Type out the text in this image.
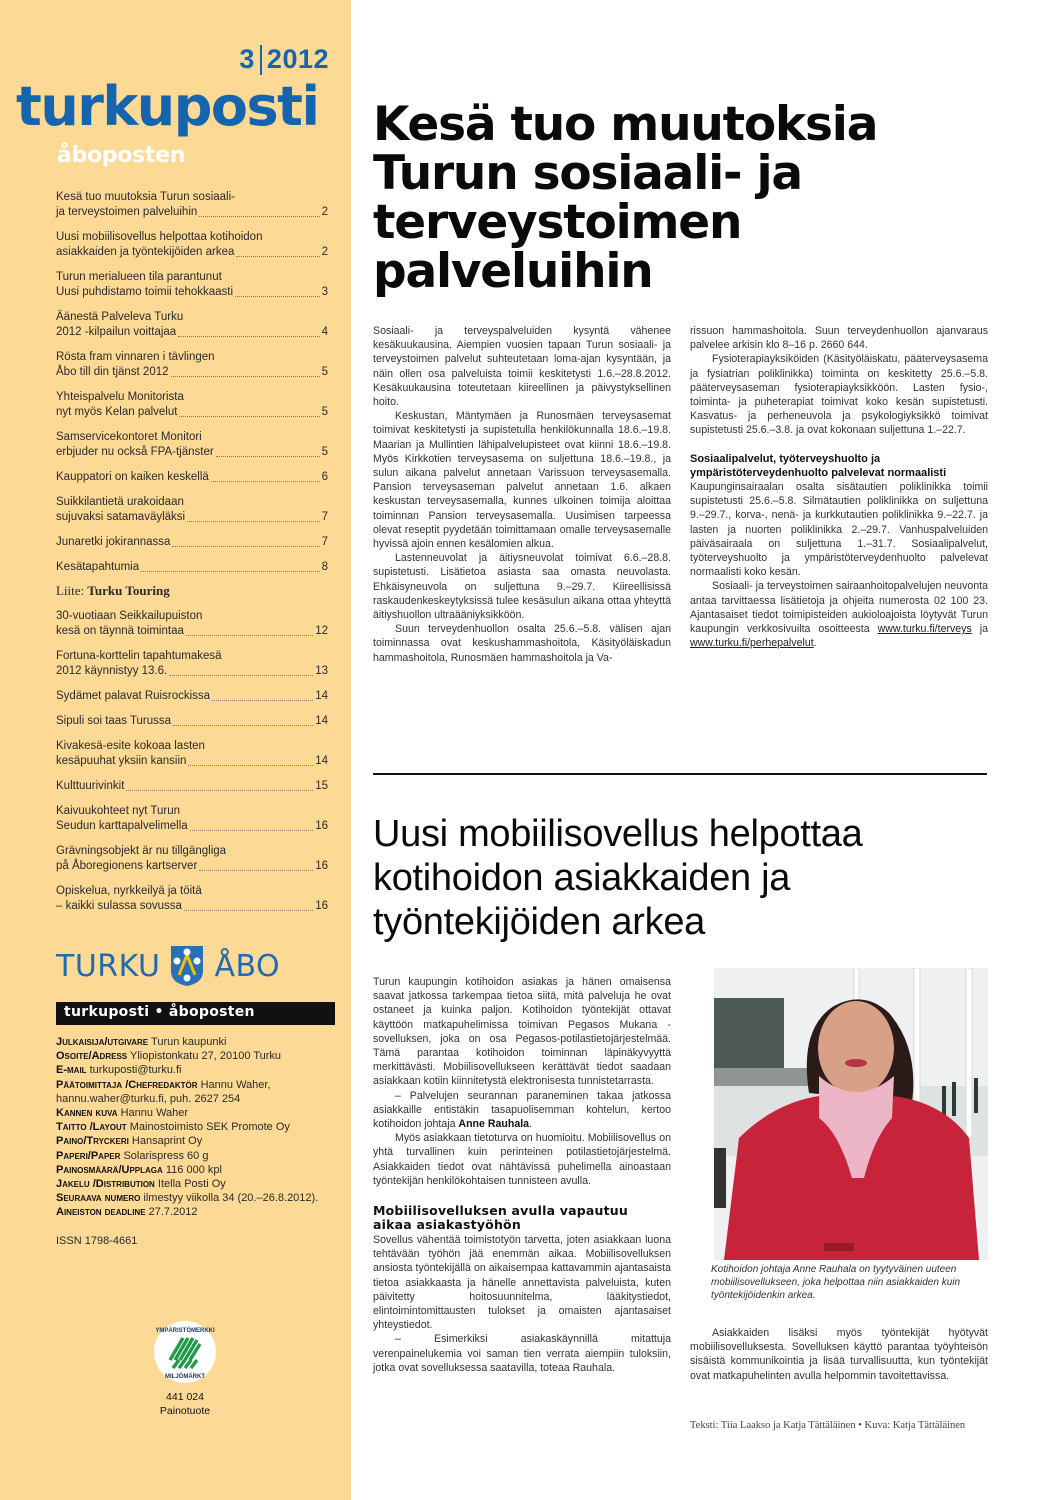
3 2012
turkuposti
åboposten
Kesä tuo muutoksia Turun sosiaali-
ja terveystoimen palveluihin	2
Uusi mobiilisovellus helpottaa kotihoidon
asiakkaiden ja työntekijöiden arkea	2
Turun merialueen tila parantunut
Uusi puhdistamo toimii tehokkaasti	3
Äänestä Palveleva Turku
2012 -kilpailun voittajaa	4
Rösta fram vinnaren i tävlingen
Åbo till din tjänst 2012	5
Yhteispalvelu Monitorista
nyt myös Kelan palvelut	5
Samservicekontoret Monitori
erbjuder nu också FPA-tjänster	5
Kauppatori on kaiken keskellä	6
Suikkilantietä urakoidaan
sujuvaksi satamaväyläksi	7
Junaretki jokirannassa	7
Kesätapahtumia	8
Liite: Turku Touring
30-vuotiaan Seikkailupuiston
kesä on täynnä toimintaa	12
Fortuna-korttelin tapahtumakesä
2012 käynnistyy 13.6.	13
Sydämet palavat Ruisrockissa	14
Sipuli soi taas Turussa	14
Kivakesä-esite kokoaa lasten
kesäpuuhat yksiin kansiin	14
Kulttuurivinkit	15
Kaivuukohteet nyt Turun
Seudun karttapalvelimella	16
Grävningsobjekt är nu tillgängliga
på Åboregionens kartserver	16
Opiskelua, nyrkkeilyä ja töitä
– kaikki sulassa sovussa	16
TURKU ÅBO
turkuposti • åboposten
Julkaisija/utgivare Turun kaupunki
Osoite/Adress Yliopistonkatu 27, 20100 Turku
E-mail turkuposti@turku.fi
Päätoimittaja /Chefredaktör Hannu Waher, hannu.waher@turku.fi, puh. 2627 254
Kannen kuva Hannu Waher
Taitto /Layout Mainostoimisto SEK Promote Oy
Paino/Tryckeri Hansaprint Oy
Paperi/Paper Solarispress 60 g
Painosmäärä/Upplaga 116 000 kpl
Jakelu /Distribution Itella Posti Oy
Seuraava numero ilmestyy viikolla 34 (20.–26.8.2012).
Aineiston deadline 27.7.2012
ISSN 1798-4661
YMPÄRISTÖMERKKI
MILJÖMÄRKT
441 024
Painotuote
Kesä tuo muutoksia Turun sosiaali- ja terveystoimen palveluihin

Sosiaali- ja terveyspalveluiden kysyntä vähenee kesäkuukausina. Aiempien vuosien tapaan Turun sosiaali- ja terveystoimen palvelut suhteutetaan loma-ajan kysyntään, ja näin ollen osa palveluista toimii keskitetysti 1.6.–28.8.2012. Kesäkuukausina toteutetaan kiireellinen ja päivystyksellinen hoito.

Keskustan, Mäntymäen ja Runosmäen terveysasemat toimivat keskitetysti ja supistetulla henkilökunnalla 18.6.–19.8. Maarian ja Mullintien lähipalvelupisteet ovat kiinni 18.6.–19.8. Myös Kirkkotien terveysasema on suljettuna 18.6.–19.8., ja sulun aikana palvelut annetaan Varissuon terveysasemalla. Pansion terveysaseman palvelut annetaan 1.6. alkaen keskustan terveysasemalla, kunnes ulkoinen toimija aloittaa toiminnan Pansion terveysasemalla. Uusimisen tarpeessa olevat reseptit pyydetään toimittamaan omalle terveysasemalle hyvissä ajoin ennen kesälomien alkua.

Lastenneuvolat ja äitiysneuvolat toimivat 6.6.–28.8. supistetusti. Lisätietoa asiasta saa omasta neuvolasta. Ehkäisyneuvola on suljettuna 9.–29.7. Kiireellisissä raskaudenkeskeytyksissä tulee kesäsulun aikana ottaa yhteyttä äitiyshuollon ultraääniyksikköön.

Suun terveydenhuollon osalta 25.6.–5.8. välisen ajan toiminnassa ovat keskushammashoitola, Käsityöläiskadun hammashoitola, Runosmäen hammashoitola ja Va-

rissuon hammashoitola. Suun terveydenhuollon ajanvaraus palvelee arkisin klo 8–16 p. 2660 644.

Fysioterapiayksiköiden (Käsityöläiskatu, pääterveysasema ja fysiatrian poliklinikka) toiminta on keskitetty 25.6.–5.8. pääterveysaseman fysioterapiayksikköön. Lasten fysio-, toiminta- ja puheterapiat toimivat koko kesän supistetusti. Kasvatus- ja perheneuvola ja psykologiyksikkö toimivat supistetusti 25.6.–3.8. ja ovat kokonaan suljettuna 1.–22.7.

Sosiaalipalvelut, työterveyshuolto ja ympäristöterveydenhuolto palvelevat normaalisti

Kaupunginsairaalan osalta sisätautien poliklinikka toimii supistetusti 25.6.–5.8. Silmätautien poliklinikka on suljettuna 9.–29.7., korva-, nenä- ja kurkkutautien poliklinikka 9.–22.7. ja lasten ja nuorten poliklinikka 2.–29.7. Vanhuspalveluiden päiväsairaala on suljettuna 1.–31.7. Sosiaalipalvelut, työterveyshuolto ja ympäristöterveydenhuolto palvelevat normaalisti koko kesän.

Sosiaali- ja terveystoimen sairaanhoitopalvelujen neuvonta antaa tarvittaessa lisätietoja ja ohjeita numerosta 02 100 23. Ajantasaiset tiedot toimipisteiden aukioloajoista löytyvät Turun kaupungin verkkosivuilta osoitteesta www.turku.fi/terveys ja www.turku.fi/perhepalvelut.

Uusi mobiilisovellus helpottaa kotihoidon asiakkaiden ja työntekijöiden arkea

Turun kaupungin kotihoidon asiakas ja hänen omaisensa saavat jatkossa tarkempaa tietoa siitä, mitä palveluja he ovat ostaneet ja kuinka paljon. Kotihoidon työntekijät ottavat käyttöön matkapuhelimissa toimivan Pegasos Mukana -sovelluksen, joka on osa Pegasos-potilastietojärjestelmää. Tämä parantaa kotihoidon toiminnan läpinäkyvyyttä merkittävästi. Mobiilisovellukseen kerättävät tiedot saadaan asiakkaan kotiin kiinnitetystä elektronisesta tunnistetarrasta.

– Palvelujen seurannan paraneminen takaa jatkossa asiakkaille entistäkin tasapuolisemman kohtelun, kertoo kotihoidon johtaja Anne Rauhala.

Myös asiakkaan tietoturva on huomioitu. Mobiilisovellus on yhtä turvallinen kuin perinteinen potilastietojärjestelmä. Asiakkaiden tiedot ovat nähtävissä puhelimella ainoastaan työntekijän henkilökohtaisen tunnisteen avulla.

Mobiilisovelluksen avulla vapautuu aikaa asiakastyöhön

Sovellus vähentää toimistotyön tarvetta, joten asiakkaan luona tehtävään työhön jää enemmän aikaa. Mobiilisovelluksen ansiosta työntekijällä on aikaisempaa kattavammin ajantasaista tietoa asiakkaasta ja hänelle annettavista palveluista, kuten päivitetty hoitosuunnitelma, lääkitystiedot, elintoimintomittausten tulokset ja omaisten ajantasaiset yhteystiedot.

– Esimerkiksi asiakaskäynnillä mitattuja verenpainelukemia voi saman tien verrata aiempiin tuloksiin, jotka ovat sovelluksessa saatavilla, toteaa Rauhala.

Kotihoidon johtaja Anne Rauhala on tyytyväinen uuteen mobiilisovellukseen, joka helpottaa niin asiakkaiden kuin työntekijöidenkin arkea.

Asiakkaiden lisäksi myös työntekijät hyötyvät mobiilisovelluksesta. Sovelluksen käyttö parantaa työyhteisön sisäistä kommunikointia ja lisää turvallisuutta, kun työntekijät ovat matkapuhelinten avulla helpommin tavoitettavissa.

Teksti: Tiia Laakso ja Katja Tättäläinen • Kuva: Katja Tättäläinen
